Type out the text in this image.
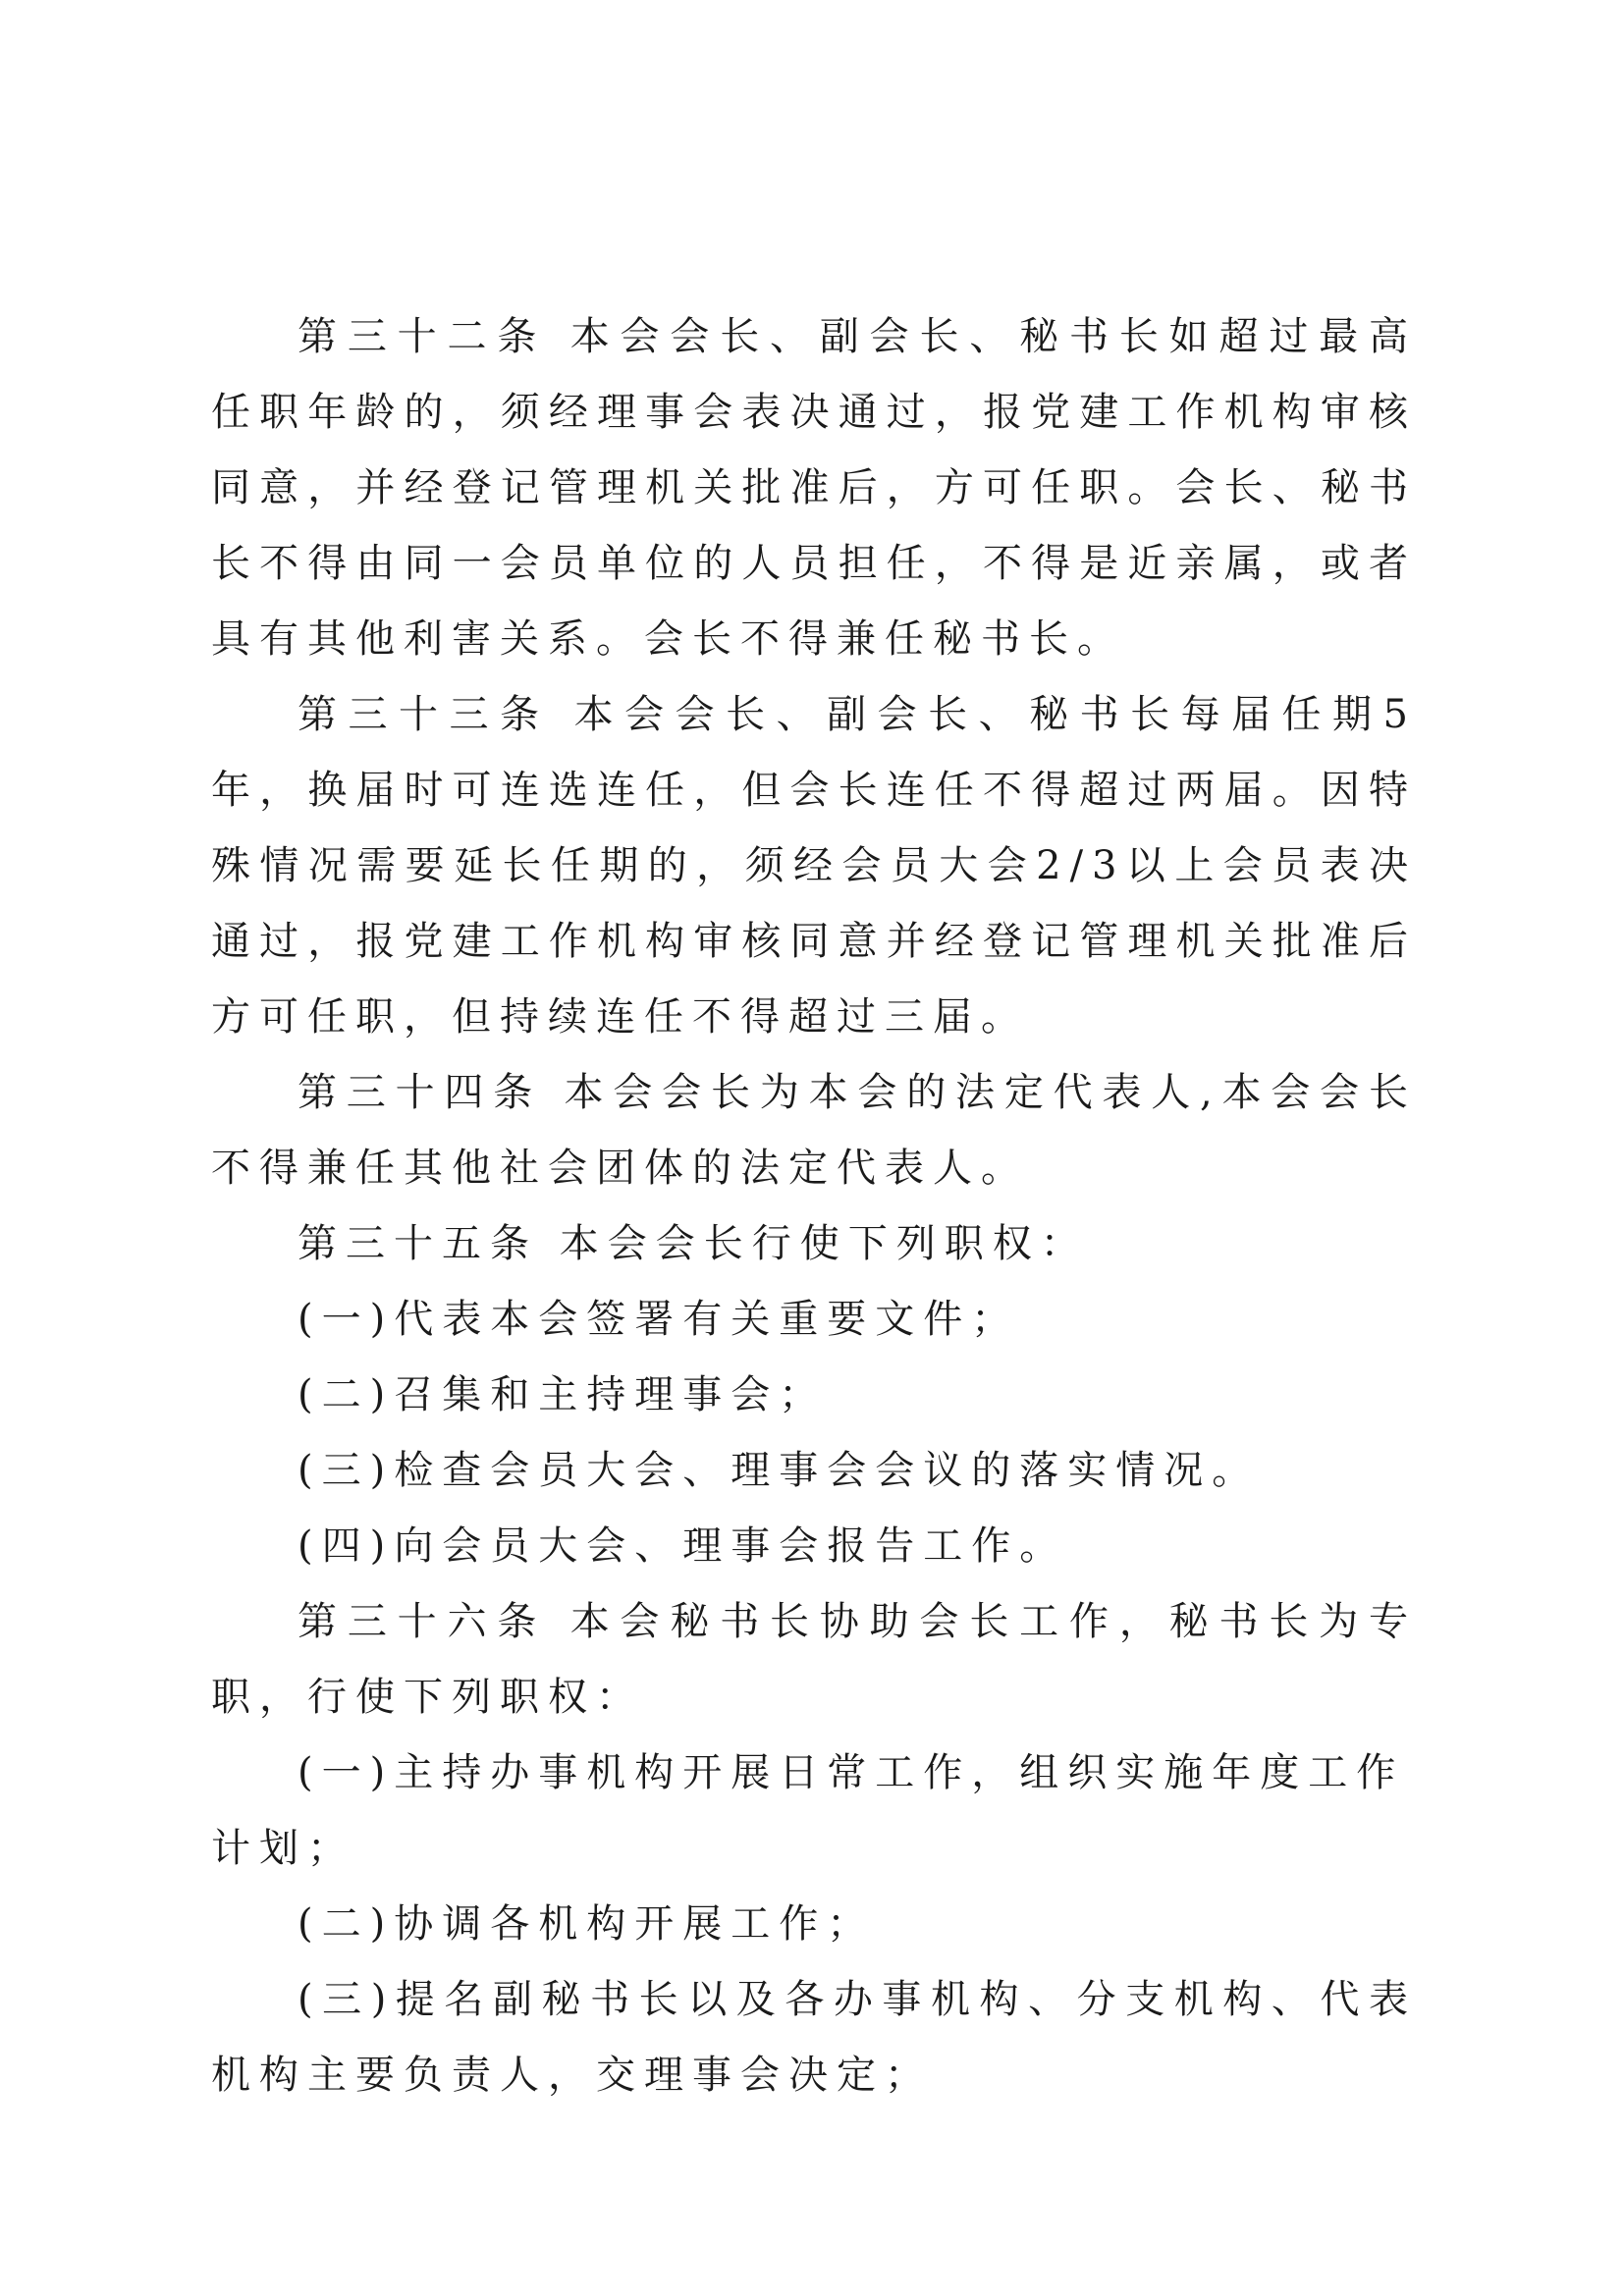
第三十二条 本会会长、副会长、秘书长如超过最高任职年龄的，须经理事会表决通过，报党建工作机构审核同意，并经登记管理机关批准后，方可任职。会长、秘书长不得由同一会员单位的人员担任，不得是近亲属，或者具有其他利害关系。会长不得兼任秘书长。

第三十三条 本会会长、副会长、秘书长每届任期5年，换届时可连选连任，但会长连任不得超过两届。因特殊情况需要延长任期的，须经会员大会2/3以上会员表决通过，报党建工作机构审核同意并经登记管理机关批准后方可任职，但持续连任不得超过三届。

第三十四条 本会会长为本会的法定代表人,本会会长不得兼任其他社会团体的法定代表人。

第三十五条 本会会长行使下列职权：

(一)代表本会签署有关重要文件；

(二)召集和主持理事会；

(三)检查会员大会、理事会会议的落实情况。

(四)向会员大会、理事会报告工作。

第三十六条 本会秘书长协助会长工作，秘书长为专职，行使下列职权：

(一)主持办事机构开展日常工作，组织实施年度工作计划；

(二)协调各机构开展工作；

(三)提名副秘书长以及各办事机构、分支机构、代表机构主要负责人，交理事会决定；
